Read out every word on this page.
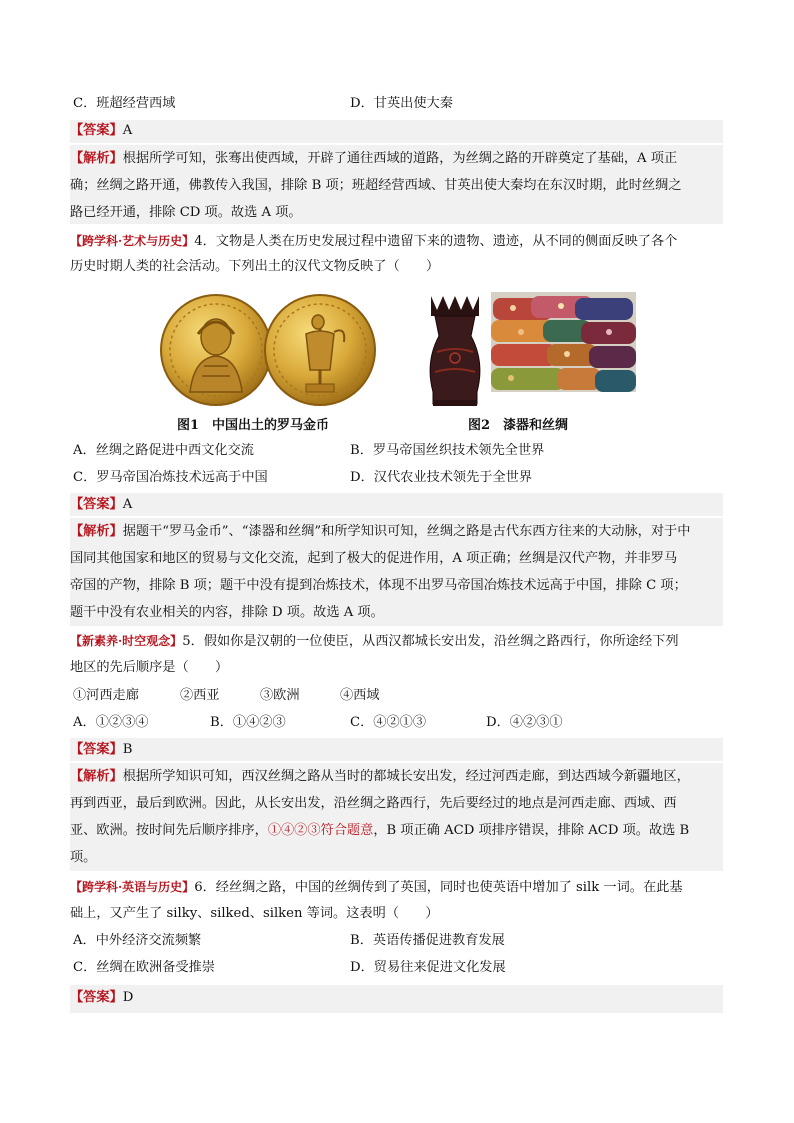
C．班超经营西域	D．甘英出使大秦
【答案】A
【解析】根据所学可知，张骞出使西域，开辟了通往西域的道路，为丝绸之路的开辟奠定了基础，A 项正
确；丝绸之路开通，佛教传入我国，排除 B 项；班超经营西域、甘英出使大秦均在东汉时期，此时丝绸之
路已经开通，排除 CD 项。故选 A 项。
【跨学科·艺术与历史】4．文物是人类在历史发展过程中遗留下来的遗物、遗迹，从不同的侧面反映了各个
历史时期人类的社会活动。下列出土的汉代文物反映了（　　）
图1　中国出土的罗马金币	图2　漆器和丝绸
A．丝绸之路促进中西文化交流	B．罗马帝国丝织技术领先全世界
C．罗马帝国冶炼技术远高于中国	D．汉代农业技术领先于全世界
【答案】A
【解析】据题干“罗马金币”、“漆器和丝绸”和所学知识可知，丝绸之路是古代东西方往来的大动脉，对于中
国同其他国家和地区的贸易与文化交流，起到了极大的促进作用，A 项正确；丝绸是汉代产物，并非罗马
帝国的产物，排除 B 项；题干中没有提到冶炼技术，体现不出罗马帝国冶炼技术远高于中国，排除 C 项；
题干中没有农业相关的内容，排除 D 项。故选 A 项。
【新素养·时空观念】5．假如你是汉朝的一位使臣，从西汉都城长安出发，沿丝绸之路西行，你所途经下列
地区的先后顺序是（　　）
①河西走廊	②西亚	③欧洲	④西域
A．①②③④	B．①④②③	C．④②①③	D．④②③①
【答案】B
【解析】根据所学知识可知，西汉丝绸之路从当时的都城长安出发，经过河西走廊，到达西域今新疆地区，
再到西亚，最后到欧洲。因此，从长安出发，沿丝绸之路西行，先后要经过的地点是河西走廊、西域、西
亚、欧洲。按时间先后顺序排序，①④②③符合题意，B 项正确 ACD 项排序错误，排除 ACD 项。故选 B
项。
【跨学科·英语与历史】6．经丝绸之路，中国的丝绸传到了英国，同时也使英语中增加了 silk 一词。在此基
础上，又产生了 silky、silked、silken 等词。这表明（　　）
A．中外经济交流频繁	B．英语传播促进教育发展
C．丝绸在欧洲备受推崇	D．贸易往来促进文化发展
【答案】D
